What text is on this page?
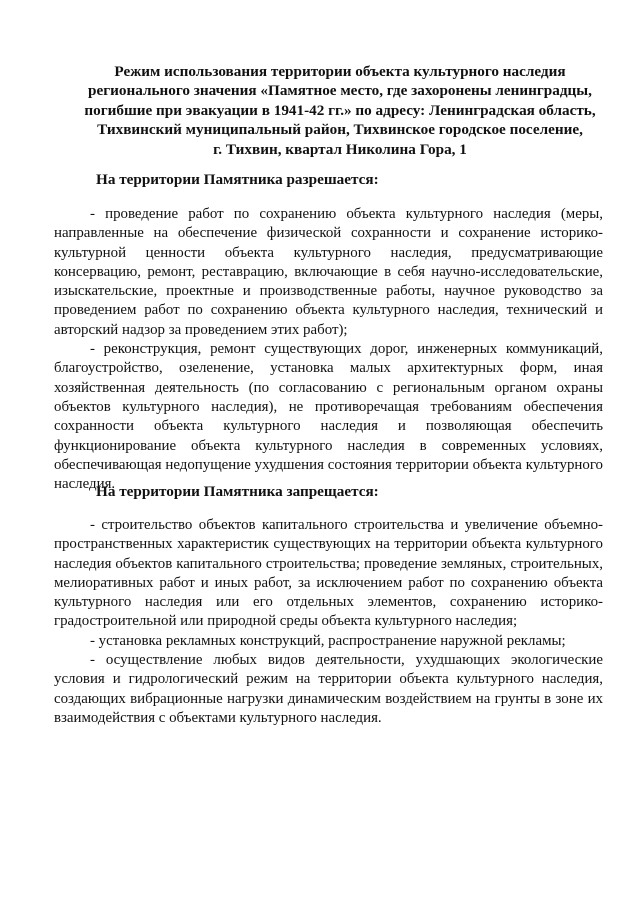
Режим использования территории объекта культурного наследия
регионального значения «Памятное место, где захоронены ленинградцы,
погибшие при эвакуации в 1941-42 гг.» по адресу: Ленинградская область,
Тихвинский муниципальный район, Тихвинское городское поселение,
г. Тихвин, квартал Николина Гора, 1
На территории Памятника разрешается:

- проведение работ по сохранению объекта культурного наследия (меры, направленные на обеспечение физической сохранности и сохранение историко-культурной ценности объекта культурного наследия, предусматривающие консервацию, ремонт, реставрацию, включающие в себя научно-исследовательские, изыскательские, проектные и производственные работы, научное руководство за проведением работ по сохранению объекта культурного наследия, технический и авторский надзор за проведением этих работ);

- реконструкция, ремонт существующих дорог, инженерных коммуникаций, благоустройство, озеленение, установка малых архитектурных форм, иная хозяйственная деятельность (по согласованию с региональным органом охраны объектов культурного наследия), не противоречащая требованиям обеспечения сохранности объекта культурного наследия и позволяющая обеспечить функционирование объекта культурного наследия в современных условиях, обеспечивающая недопущение ухудшения состояния территории объекта культурного наследия.

На территории Памятника запрещается:

- строительство объектов капитального строительства и увеличение объемно-пространственных характеристик существующих на территории объекта культурного наследия объектов капитального строительства; проведение земляных, строительных, мелиоративных работ и иных работ, за исключением работ по сохранению объекта культурного наследия или его отдельных элементов, сохранению историко-градостроительной или природной среды объекта культурного наследия;

- установка рекламных конструкций, распространение наружной рекламы;

- осуществление любых видов деятельности, ухудшающих экологические условия и гидрологический режим на территории объекта культурного наследия, создающих вибрационные нагрузки динамическим воздействием на грунты в зоне их взаимодействия с объектами культурного наследия.
